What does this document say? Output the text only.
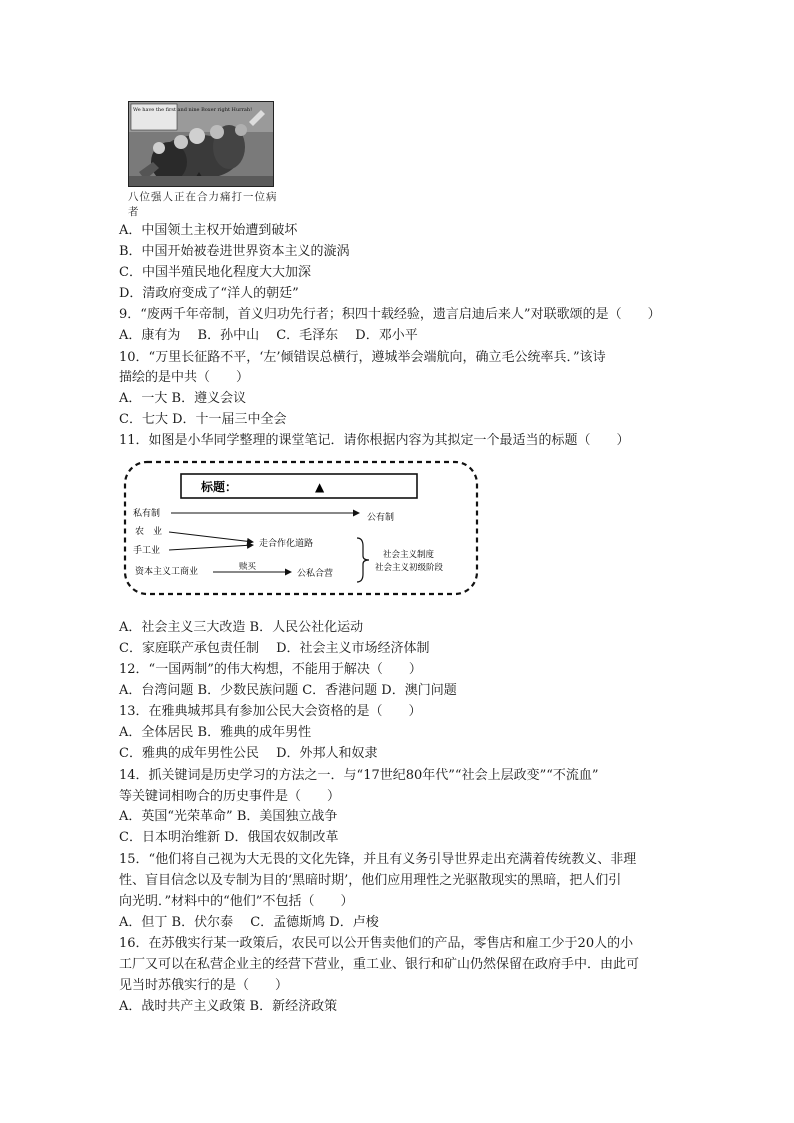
We have the first and nine Boxer right Hurrah!
八位强人正在合力痛打一位病者
A．中国领土主权开始遭到破坏
B．中国开始被卷进世界资本主义的漩涡
C．中国半殖民地化程度大大加深
D．清政府变成了“洋人的朝廷”
9．“废两千年帝制，首义归功先行者；积四十载经验，遗言启迪后来人”对联歌颂的是（　　）
A．康有为　 B．孙中山　 C．毛泽东　 D．邓小平
10．“万里长征路不平，‘左’倾错误总横行，遵城举会端航向，确立毛公统率兵．”该诗
描绘的是中共（　　）
A．一大 B．遵义会议
C．七大 D．十一届三中全会
11．如图是小华同学整理的课堂笔记．请你根据内容为其拟定一个最适当的标题（　　）
标题：	▲
私有制	公有制
农　业
手工业
走合作化道路
资本主义工商业	赎买
公私合营
社会主义制度
社会主义初级阶段
A．社会主义三大改造 B．人民公社化运动
C．家庭联产承包责任制　 D．社会主义市场经济体制
12．“一国两制”的伟大构想，不能用于解决（　　）
A．台湾问题 B．少数民族问题 C．香港问题 D．澳门问题
13．在雅典城邦具有参加公民大会资格的是（　　）
A．全体居民 B．雅典的成年男性
C．雅典的成年男性公民　 D．外邦人和奴隶
14．抓关键词是历史学习的方法之一．与“17世纪80年代”“社会上层政变”“不流血”
等关键词相吻合的历史事件是（　　）
A．英国“光荣革命” B．美国独立战争
C．日本明治维新 D．俄国农奴制改革
15．“他们将自己视为大无畏的文化先锋，并且有义务引导世界走出充满着传统教义、非理
性、盲目信念以及专制为目的‘黑暗时期’，他们应用理性之光驱散现实的黑暗，把人们引
向光明．”材料中的“他们”不包括（　　）
A．但丁 B．伏尔泰　 C．孟德斯鸠 D．卢梭
16．在苏俄实行某一政策后，农民可以公开售卖他们的产品，零售店和雇工少于20人的小
工厂又可以在私营企业主的经营下营业，重工业、银行和矿山仍然保留在政府手中．由此可
见当时苏俄实行的是（　　）
A．战时共产主义政策 B．新经济政策
